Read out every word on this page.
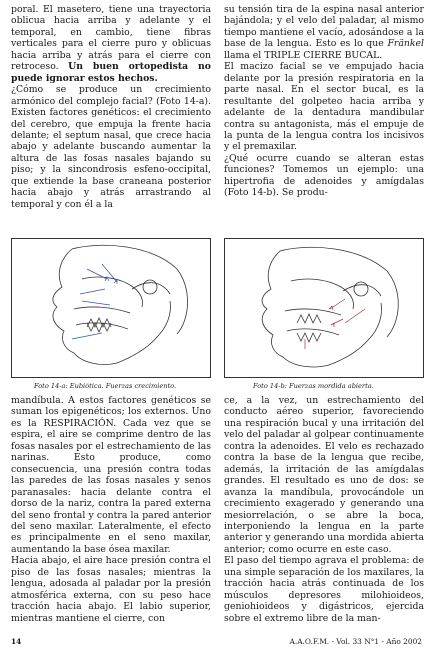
poral. El masetero, tiene una trayectoria oblicua hacia arriba y adelante y el temporal, en cambio, tiene fibras verticales para el cierre puro y oblicuas hacia arriba y atrás para el cierre con retroceso. Un buen ortopedista no puede ignorar estos hechos.

¿Cómo se produce un crecimiento armónico del complejo facial? (Foto 14-a). Existen factores genéticos: el crecimiento del cerebro, que empuja la frente hacia delante; el septum nasal, que crece hacia abajo y adelante buscando aumentar la altura de las fosas nasales bajando su piso; y la sincondrosis esfeno-occipital, que extiende la base craneana posterior hacia abajo y atrás arrastrando al temporal y con él a la

su tensión tira de la espina nasal anterior bajándola; y el velo del paladar, al mismo tiempo mantiene el vacío, adosándose a la base de la lengua. Esto es lo que Fränkel llama el TRIPLE CIERRE BUCAL.

El macizo facial se ve empujado hacia delante por la presión respiratoria en la parte nasal. En el sector bucal, es la resultante del golpeteo hacia arriba y adelante de la dentadura mandibular contra su antagonista, más el empuje de la punta de la lengua contra los incisivos y el premaxilar.

¿Qué ocurre cuando se alteran estas funciones? Tomemos un ejemplo: una hipertrofia de adenoides y amígdalas (Foto 14-b). Se produ-

Foto 14-a: Eubiótica. Fuerzas crecimiento.	Foto 14-b: Fuerzas mordida abierta.

mandíbula. A estos factores genéticos se suman los epigenéticos; los externos. Uno es la RESPIRACIÓN. Cada vez que se espira, el aire se comprime dentro de las fosas nasales por el estrechamiento de las narinas. Esto produce, como consecuencia, una presión contra todas las paredes de las fosas nasales y senos paranasales: hacia delante contra el dorso de la nariz, contra la pared externa del seno frontal y contra la pared anterior del seno maxilar. Lateralmente, el efecto es principalmente en el seno maxilar, aumentando la base ósea maxilar.

Hacia abajo, el aire hace presión contra el piso de las fosas nasales; mientras la lengua, adosada al paladar por la presión atmosférica externa, con su peso hace tracción hacia abajo. El labio superior, mientras mantiene el cierre, con

ce, a la vez, un estrechamiento del conducto aéreo superior, favoreciendo una respiración bucal y una irritación del velo del paladar al golpear continuamente contra la adenoides. El velo es rechazado contra la base de la lengua que recibe, además, la irritación de las amígdalas grandes. El resultado es uno de dos: se avanza la mandíbula, provocándole un crecimiento exagerado y generando una mesiorrelación, o se abre la boca, interponiendo la lengua en la parte anterior y generando una mordida abierta anterior; como ocurre en este caso.

El paso del tiempo agrava el problema: de una simple separación de los maxilares, la tracción hacia atrás continuada de los músculos depresores milohioideos, geniohioideos y digástricos, ejercida sobre el extremo libre de la man-

14	A.A.O.F.M. - Vol. 33 N°1 - Año 2002
